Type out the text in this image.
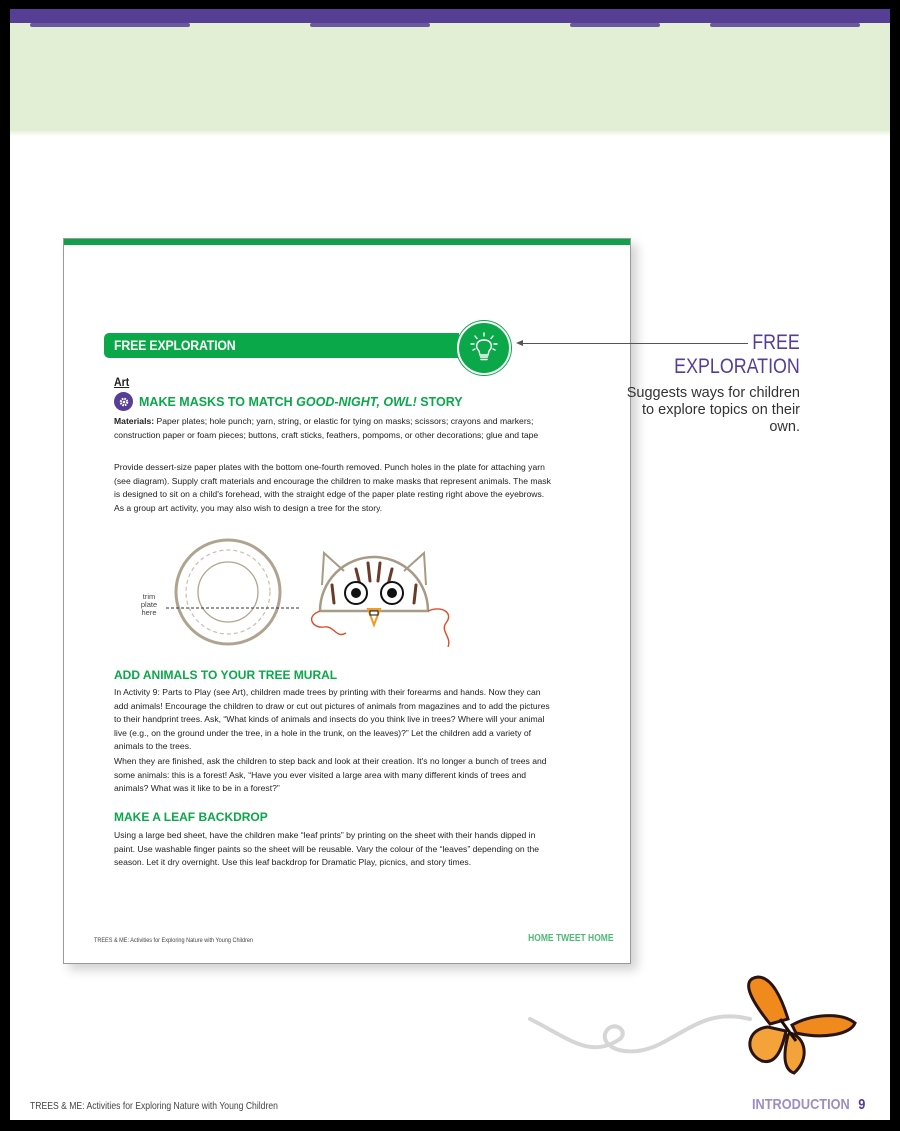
FREE EXPLORATION
Art
MAKE MASKS TO MATCH GOOD-NIGHT, OWL! STORY
Materials: Paper plates; hole punch; yarn, string, or elastic for tying on masks; scissors; crayons and markers; construction paper or foam pieces; buttons, craft sticks, feathers, pompoms, or other decorations; glue and tape
Provide dessert-size paper plates with the bottom one-fourth removed. Punch holes in the plate for attaching yarn (see diagram). Supply craft materials and encourage the children to make masks that represent animals. The mask is designed to sit on a child's forehead, with the straight edge of the paper plate resting right above the eyebrows. As a group art activity, you may also wish to design a tree for the story.
trim plate here
ADD ANIMALS TO YOUR TREE MURAL
In Activity 9: Parts to Play (see Art), children made trees by printing with their forearms and hands. Now they can add animals! Encourage the children to draw or cut out pictures of animals from magazines and to add the pictures to their handprint trees. Ask, “What kinds of animals and insects do you think live in trees? Where will your animal live (e.g., on the ground under the tree, in a hole in the trunk, on the leaves)?” Let the children add a variety of animals to the trees.
When they are finished, ask the children to step back and look at their creation. It's no longer a bunch of trees and some animals: this is a forest! Ask, “Have you ever visited a large area with many different kinds of trees and animals? What was it like to be in a forest?”
MAKE A LEAF BACKDROP
Using a large bed sheet, have the children make “leaf prints” by printing on the sheet with their hands dipped in paint. Use washable finger paints so the sheet will be reusable. Vary the colour of the “leaves” depending on the season. Let it dry overnight. Use this leaf backdrop for Dramatic Play, picnics, and story times.
TREES & ME: Activities for Exploring Nature with Young Children	HOME TWEET HOME
FREE
EXPLORATION
Suggests ways for children to explore topics on their own.
TREES & ME: Activities for Exploring Nature with Young Children	INTRODUCTION 9
